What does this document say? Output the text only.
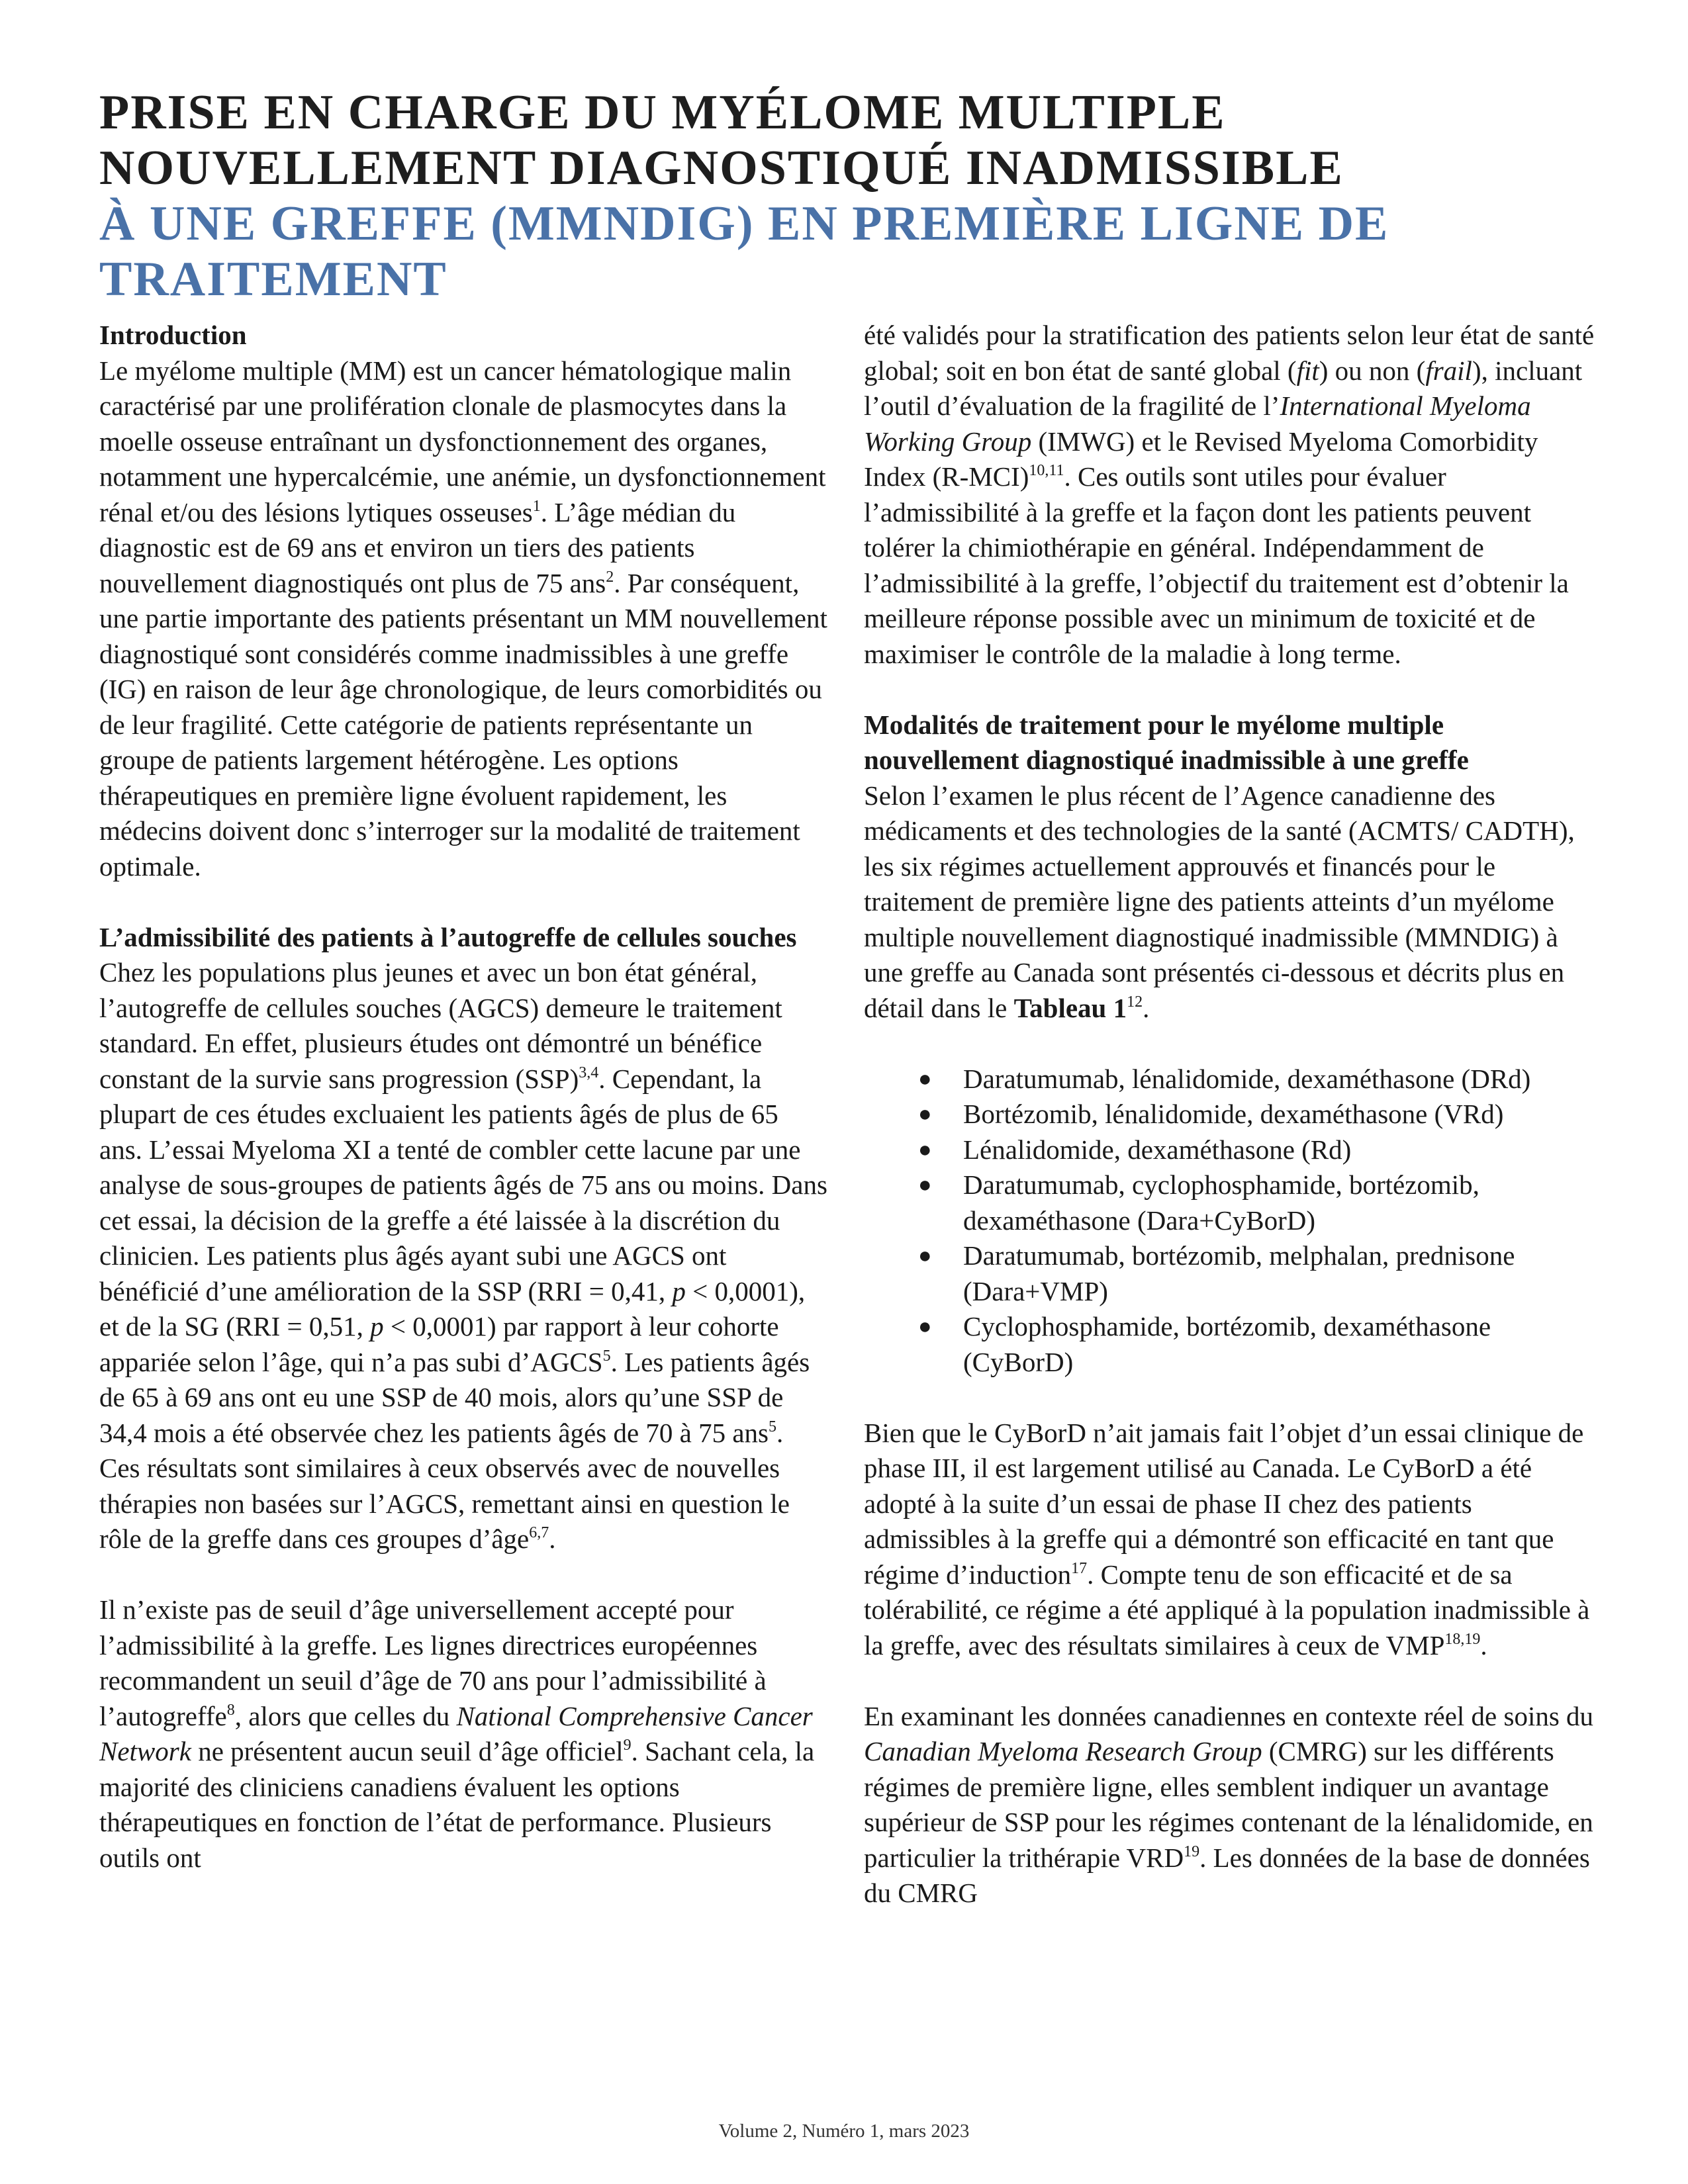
PRISE EN CHARGE DU MYÉLOME MULTIPLE
NOUVELLEMENT DIAGNOSTIQUÉ INADMISSIBLE
À UNE GREFFE (MMNDIG) EN PREMIÈRE LIGNE DE
TRAITEMENT
Introduction

Le myélome multiple (MM) est un cancer hématologique malin caractérisé par une prolifération clonale de plasmocytes dans la moelle osseuse entraînant un dysfonctionnement des organes, notamment une hypercalcémie, une anémie, un dysfonctionnement rénal et/ou des lésions lytiques osseuses$^1$. L’âge médian du diagnostic est de 69 ans et environ un tiers des patients nouvellement diagnostiqués ont plus de 75 ans$^2$. Par conséquent, une partie importante des patients présentant un MM nouvellement diagnostiqué sont considérés comme inadmissibles à une greffe (IG) en raison de leur âge chronologique, de leurs comorbidités ou de leur fragilité. Cette catégorie de patients représentante un groupe de patients largement hétérogène. Les options thérapeutiques en première ligne évoluent rapidement, les médecins doivent donc s’interroger sur la modalité de traitement optimale.

L’admissibilité des patients à l’autogreffe de cellules souches

Chez les populations plus jeunes et avec un bon état général, l’autogreffe de cellules souches (AGCS) demeure le traitement standard. En effet, plusieurs études ont démontré un bénéfice constant de la survie sans progression (SSP)$^{3,4}$. Cependant, la plupart de ces études excluaient les patients âgés de plus de 65 ans. L’essai Myeloma XI a tenté de combler cette lacune par une analyse de sous-groupes de patients âgés de 75 ans ou moins. Dans cet essai, la décision de la greffe a été laissée à la discrétion du clinicien. Les patients plus âgés ayant subi une AGCS ont bénéficié d’une amélioration de la SSP (RRI = 0,41, p < 0,0001), et de la SG (RRI = 0,51, p < 0,0001) par rapport à leur cohorte appariée selon l’âge, qui n’a pas subi d’AGCS$^5$. Les patients âgés de 65 à 69 ans ont eu une SSP de 40 mois, alors qu’une SSP de 34,4 mois a été observée chez les patients âgés de 70 à 75 ans$^5$. Ces résultats sont similaires à ceux observés avec de nouvelles thérapies non basées sur l’AGCS, remettant ainsi en question le rôle de la greffe dans ces groupes d’âge$^{6,7}$.

Il n’existe pas de seuil d’âge universellement accepté pour l’admissibilité à la greffe. Les lignes directrices européennes recommandent un seuil d’âge de 70 ans pour l’admissibilité à l’autogreffe$^8$, alors que celles du National Comprehensive Cancer Network ne présentent aucun seuil d’âge officiel$^9$. Sachant cela, la majorité des cliniciens canadiens évaluent les options thérapeutiques en fonction de l’état de performance. Plusieurs outils ont

été validés pour la stratification des patients selon leur état de santé global; soit en bon état de santé global (fit) ou non (frail), incluant l’outil d’évaluation de la fragilité de l’International Myeloma Working Group (IMWG) et le Revised Myeloma Comorbidity Index $(R-MCI)^{10,11}$. Ces outils sont utiles pour évaluer l’admissibilité à la greffe et la façon dont les patients peuvent tolérer la chimiothérapie en général. Indépendamment de l’admissibilité à la greffe, l’objectif du traitement est d’obtenir la meilleure réponse possible avec un minimum de toxicité et de maximiser le contrôle de la maladie à long terme.

Modalités de traitement pour le myélome multiple nouvellement diagnostiqué inadmissible à une greffe

Selon l’examen le plus récent de l’Agence canadienne des médicaments et des technologies de la santé (ACMTS/ CADTH), les six régimes actuellement approuvés et financés pour le traitement de première ligne des patients atteints d’un myélome multiple nouvellement diagnostiqué inadmissible (MMNDIG) à une greffe au Canada sont présentés ci-dessous et décrits plus en détail dans le Tableau $1^{12}$.

● Daratumumab, lénalidomide, dexaméthasone (DRd)
● Bortézomib, lénalidomide, dexaméthasone (VRd)
● Lénalidomide, dexaméthasone (Rd)
● Daratumumab, cyclophosphamide, bortézomib, dexaméthasone (Dara+CyBorD)
● Daratumumab, bortézomib, melphalan, prednisone (Dara+VMP)
● Cyclophosphamide, bortézomib, dexaméthasone (CyBorD)

Bien que le CyBorD n’ait jamais fait l’objet d’un essai clinique de phase III, il est largement utilisé au Canada. Le CyBorD a été adopté à la suite d’un essai de phase II chez des patients admissibles à la greffe qui a démontré son efficacité en tant que régime d’induction$^{17}$. Compte tenu de son efficacité et de sa tolérabilité, ce régime a été appliqué à la population inadmissible à la greffe, avec des résultats similaires à ceux de VMP$^{18,19}$.

En examinant les données canadiennes en contexte réel de soins du Canadian Myeloma Research Group (CMRG) sur les différents régimes de première ligne, elles semblent indiquer un avantage supérieur de SSP pour les régimes contenant de la lénalidomide, en particulier la trithérapie VRD$^{19}$. Les données de la base de données du CMRG

Volume 2, Numéro 1, mars 2023
